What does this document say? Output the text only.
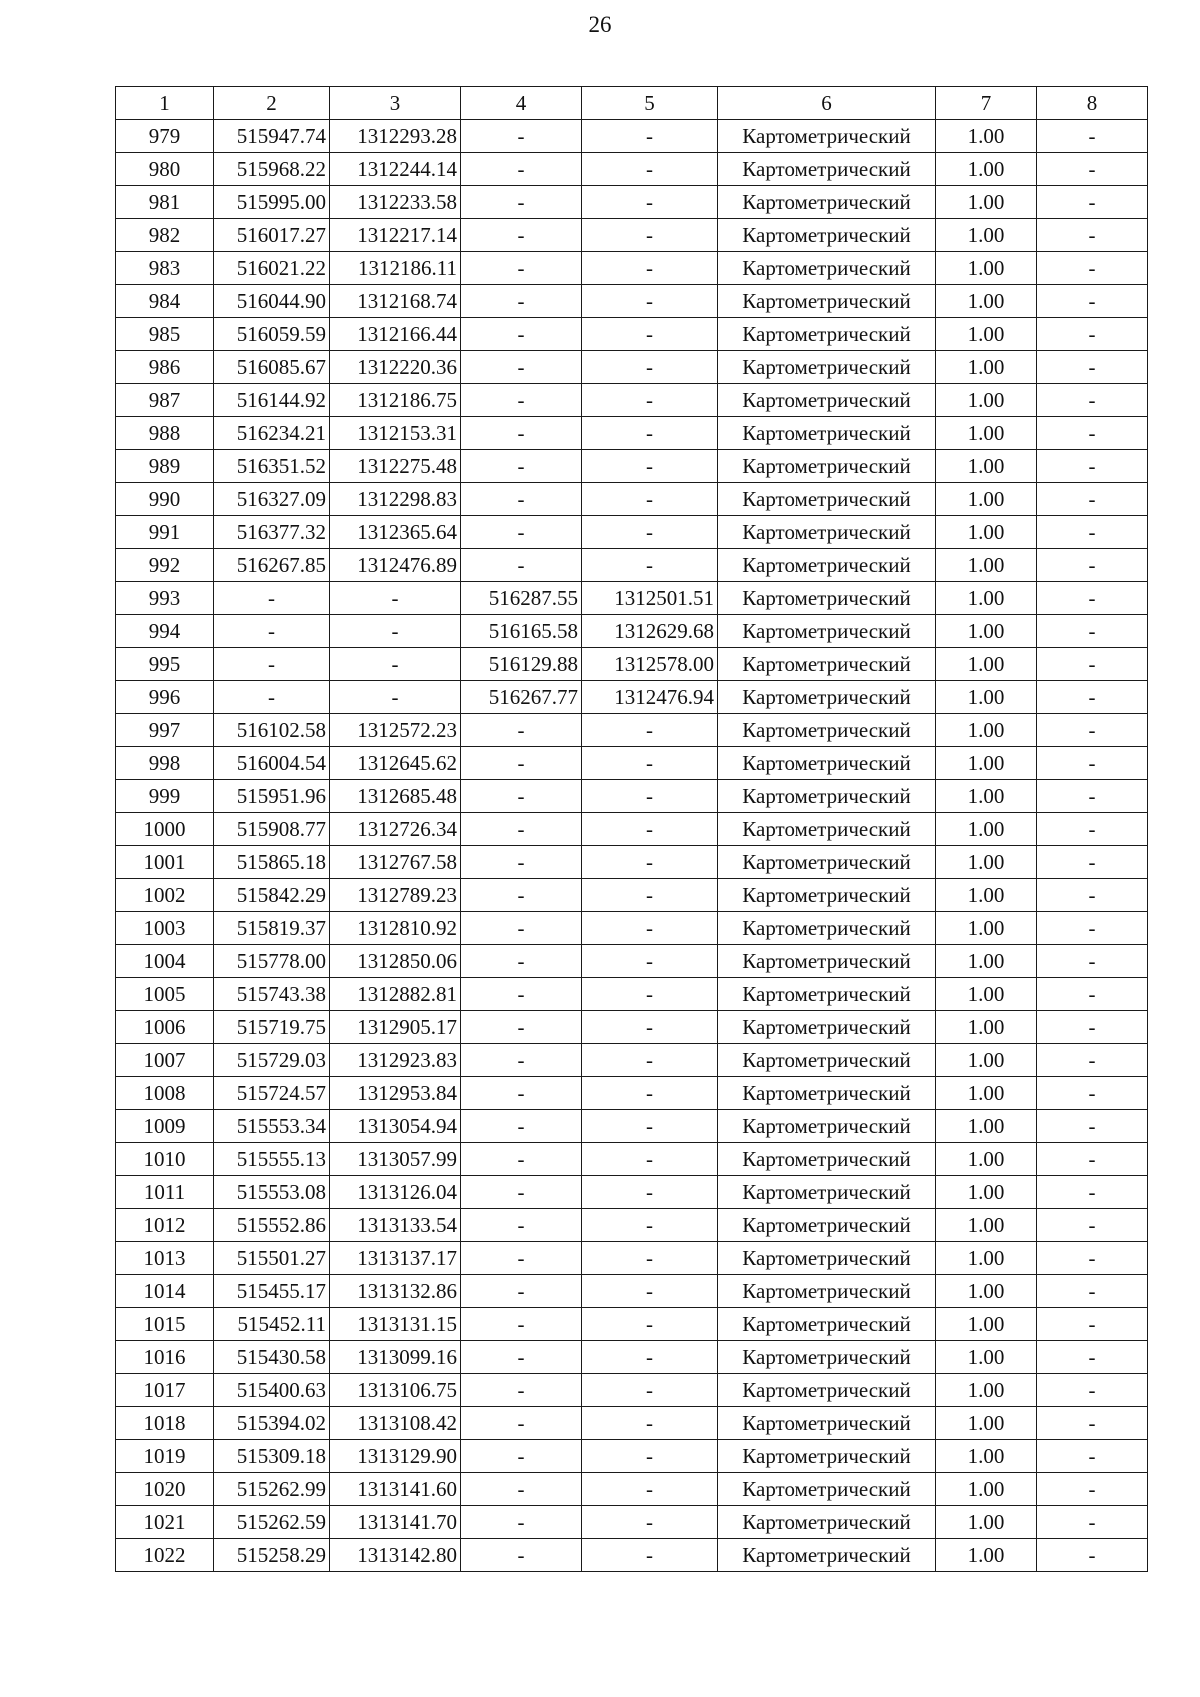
26
1	2	3	4	5	6	7	8
979	515947.74	1312293.28	-	-	Картометрический	1.00	-
980	515968.22	1312244.14	-	-	Картометрический	1.00	-
981	515995.00	1312233.58	-	-	Картометрический	1.00	-
982	516017.27	1312217.14	-	-	Картометрический	1.00	-
983	516021.22	1312186.11	-	-	Картометрический	1.00	-
984	516044.90	1312168.74	-	-	Картометрический	1.00	-
985	516059.59	1312166.44	-	-	Картометрический	1.00	-
986	516085.67	1312220.36	-	-	Картометрический	1.00	-
987	516144.92	1312186.75	-	-	Картометрический	1.00	-
988	516234.21	1312153.31	-	-	Картометрический	1.00	-
989	516351.52	1312275.48	-	-	Картометрический	1.00	-
990	516327.09	1312298.83	-	-	Картометрический	1.00	-
991	516377.32	1312365.64	-	-	Картометрический	1.00	-
992	516267.85	1312476.89	-	-	Картометрический	1.00	-
993	-	-	516287.55	1312501.51	Картометрический	1.00	-
994	-	-	516165.58	1312629.68	Картометрический	1.00	-
995	-	-	516129.88	1312578.00	Картометрический	1.00	-
996	-	-	516267.77	1312476.94	Картометрический	1.00	-
997	516102.58	1312572.23	-	-	Картометрический	1.00	-
998	516004.54	1312645.62	-	-	Картометрический	1.00	-
999	515951.96	1312685.48	-	-	Картометрический	1.00	-
1000	515908.77	1312726.34	-	-	Картометрический	1.00	-
1001	515865.18	1312767.58	-	-	Картометрический	1.00	-
1002	515842.29	1312789.23	-	-	Картометрический	1.00	-
1003	515819.37	1312810.92	-	-	Картометрический	1.00	-
1004	515778.00	1312850.06	-	-	Картометрический	1.00	-
1005	515743.38	1312882.81	-	-	Картометрический	1.00	-
1006	515719.75	1312905.17	-	-	Картометрический	1.00	-
1007	515729.03	1312923.83	-	-	Картометрический	1.00	-
1008	515724.57	1312953.84	-	-	Картометрический	1.00	-
1009	515553.34	1313054.94	-	-	Картометрический	1.00	-
1010	515555.13	1313057.99	-	-	Картометрический	1.00	-
1011	515553.08	1313126.04	-	-	Картометрический	1.00	-
1012	515552.86	1313133.54	-	-	Картометрический	1.00	-
1013	515501.27	1313137.17	-	-	Картометрический	1.00	-
1014	515455.17	1313132.86	-	-	Картометрический	1.00	-
1015	515452.11	1313131.15	-	-	Картометрический	1.00	-
1016	515430.58	1313099.16	-	-	Картометрический	1.00	-
1017	515400.63	1313106.75	-	-	Картометрический	1.00	-
1018	515394.02	1313108.42	-	-	Картометрический	1.00	-
1019	515309.18	1313129.90	-	-	Картометрический	1.00	-
1020	515262.99	1313141.60	-	-	Картометрический	1.00	-
1021	515262.59	1313141.70	-	-	Картометрический	1.00	-
1022	515258.29	1313142.80	-	-	Картометрический	1.00	-
